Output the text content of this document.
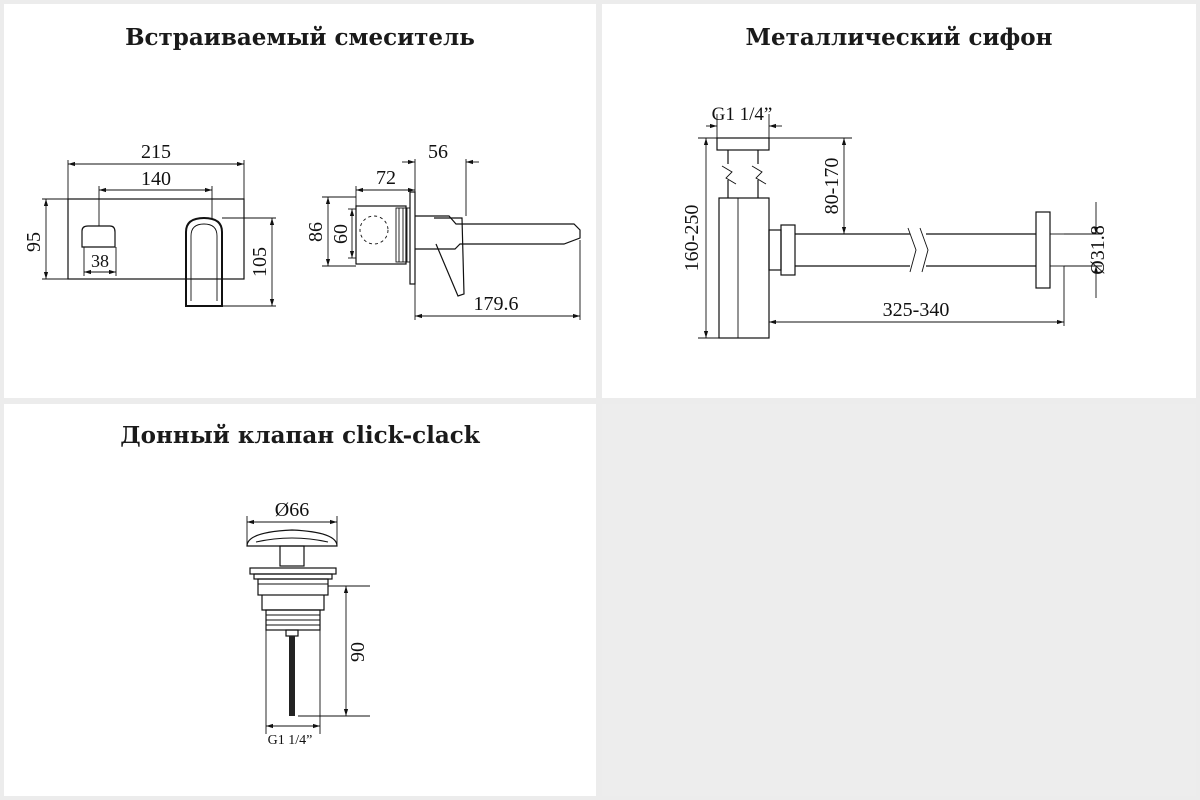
Встраиваемый смеситель
215
140
38
95
105
72
56
86 60
179.6
Металлический сифон
G1 1/4”
160-250
80-170
325-340
Ø31.8
Донный клапан click-clack
Ø66
90
G1 1/4”
